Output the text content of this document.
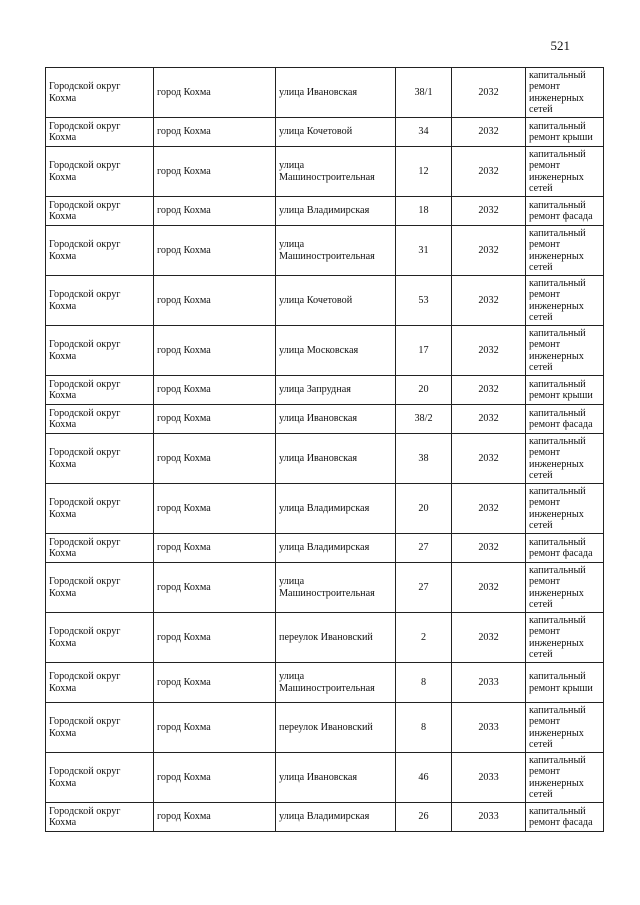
521
Городской округ Кохма	город Кохма	улица Ивановская	38/1	2032	капитальный ремонт инженерных сетей
Городской округ Кохма	город Кохма	улица Кочетовой	34	2032	капитальный ремонт крыши
Городской округ Кохма	город Кохма	улица Машиностроительная	12	2032	капитальный ремонт инженерных сетей
Городской округ Кохма	город Кохма	улица Владимирская	18	2032	капитальный ремонт фасада
Городской округ Кохма	город Кохма	улица Машиностроительная	31	2032	капитальный ремонт инженерных сетей
Городской округ Кохма	город Кохма	улица Кочетовой	53	2032	капитальный ремонт инженерных сетей
Городской округ Кохма	город Кохма	улица Московская	17	2032	капитальный ремонт инженерных сетей
Городской округ Кохма	город Кохма	улица Запрудная	20	2032	капитальный ремонт крыши
Городской округ Кохма	город Кохма	улица Ивановская	38/2	2032	капитальный ремонт фасада
Городской округ Кохма	город Кохма	улица Ивановская	38	2032	капитальный ремонт инженерных сетей
Городской округ Кохма	город Кохма	улица Владимирская	20	2032	капитальный ремонт инженерных сетей
Городской округ Кохма	город Кохма	улица Владимирская	27	2032	капитальный ремонт фасада
Городской округ Кохма	город Кохма	улица Машиностроительная	27	2032	капитальный ремонт инженерных сетей
Городской округ Кохма	город Кохма	переулок Ивановский	2	2032	капитальный ремонт инженерных сетей
Городской округ Кохма	город Кохма	улица Машиностроительная	8	2033	капитальный ремонт крыши
Городской округ Кохма	город Кохма	переулок Ивановский	8	2033	капитальный ремонт инженерных сетей
Городской округ Кохма	город Кохма	улица Ивановская	46	2033	капитальный ремонт инженерных сетей
Городской округ Кохма	город Кохма	улица Владимирская	26	2033	капитальный ремонт фасада
